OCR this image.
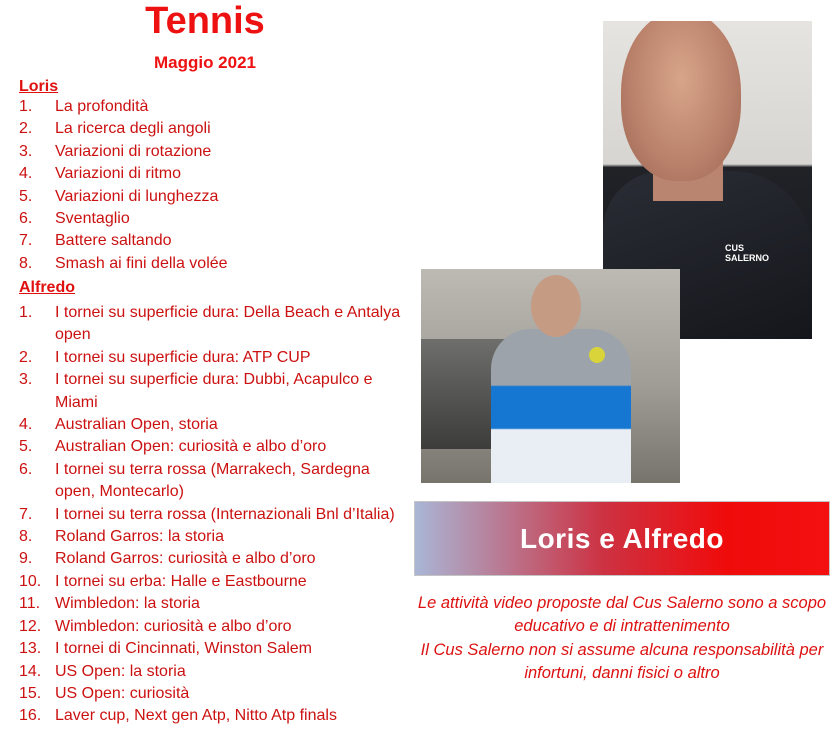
Tennis
Maggio 2021
Loris
1. La profondità
2. La ricerca degli angoli
3. Variazioni di rotazione
4. Variazioni di ritmo
5. Variazioni di lunghezza
6. Sventaglio
7. Battere saltando
8. Smash ai fini della volée
Alfredo
1. I tornei su superficie dura: Della Beach e Antalya open
2. I tornei su superficie dura: ATP CUP
3. I tornei su superficie dura: Dubbi, Acapulco e Miami
4. Australian Open, storia
5. Australian Open: curiosità e albo d’oro
6. I tornei su terra rossa (Marrakech, Sardegna open, Montecarlo)
7. I tornei su terra rossa (Internazionali Bnl d’Italia)
8. Roland Garros: la storia
9. Roland Garros: curiosità e albo d’oro
10. I tornei su erba: Halle e Eastbourne
11. Wimbledon: la storia
12. Wimbledon: curiosità e albo d’oro
13. I tornei di Cincinnati, Winston Salem
14. US Open: la storia
15. US Open: curiosità
16. Laver cup, Next gen Atp, Nitto Atp finals
CUS SALERNO
Loris e Alfredo
Le attività video proposte dal Cus Salerno sono a scopo educativo e di intrattenimento
Il Cus Salerno non si assume alcuna responsabilità per infortuni, danni fisici o altro
